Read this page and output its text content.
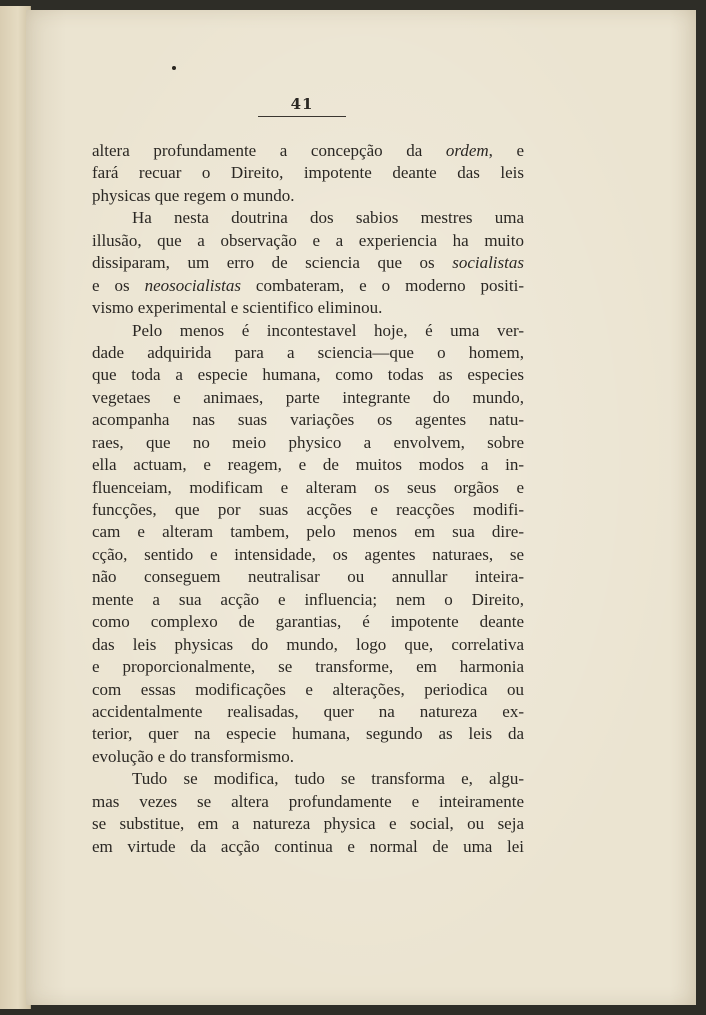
41
altera profundamente a concepção da ordem, e
fará recuar o Direito, impotente deante das leis
physicas que regem o mundo.
Ha nesta doutrina dos sabios mestres uma
illusão, que a observação e a experiencia ha muito
dissiparam, um erro de sciencia que os socialistas
e os neosocialistas combateram, e o moderno positi-
vismo experimental e scientifico eliminou.
Pelo menos é incontestavel hoje, é uma ver-
dade adquirida para a sciencia—que o homem,
que toda a especie humana, como todas as especies
vegetaes e animaes, parte integrante do mundo,
acompanha nas suas variações os agentes natu-
raes, que no meio physico a envolvem, sobre
ella actuam, e reagem, e de muitos modos a in-
fluenceiam, modificam e alteram os seus orgãos e
funcções, que por suas acções e reacções modifi-
cam e alteram tambem, pelo menos em sua dire-
cção, sentido e intensidade, os agentes naturaes, se
não conseguem neutralisar ou annullar inteira-
mente a sua acção e influencia; nem o Direito,
como complexo de garantias, é impotente deante
das leis physicas do mundo, logo que, correlativa
e proporcionalmente, se transforme, em harmonia
com essas modificações e alterações, periodica ou
accidentalmente realisadas, quer na natureza ex-
terior, quer na especie humana, segundo as leis da
evolução e do transformismo.
Tudo se modifica, tudo se transforma e, algu-
mas vezes se altera profundamente e inteiramente
se substitue, em a natureza physica e social, ou seja
em virtude da acção continua e normal de uma lei
